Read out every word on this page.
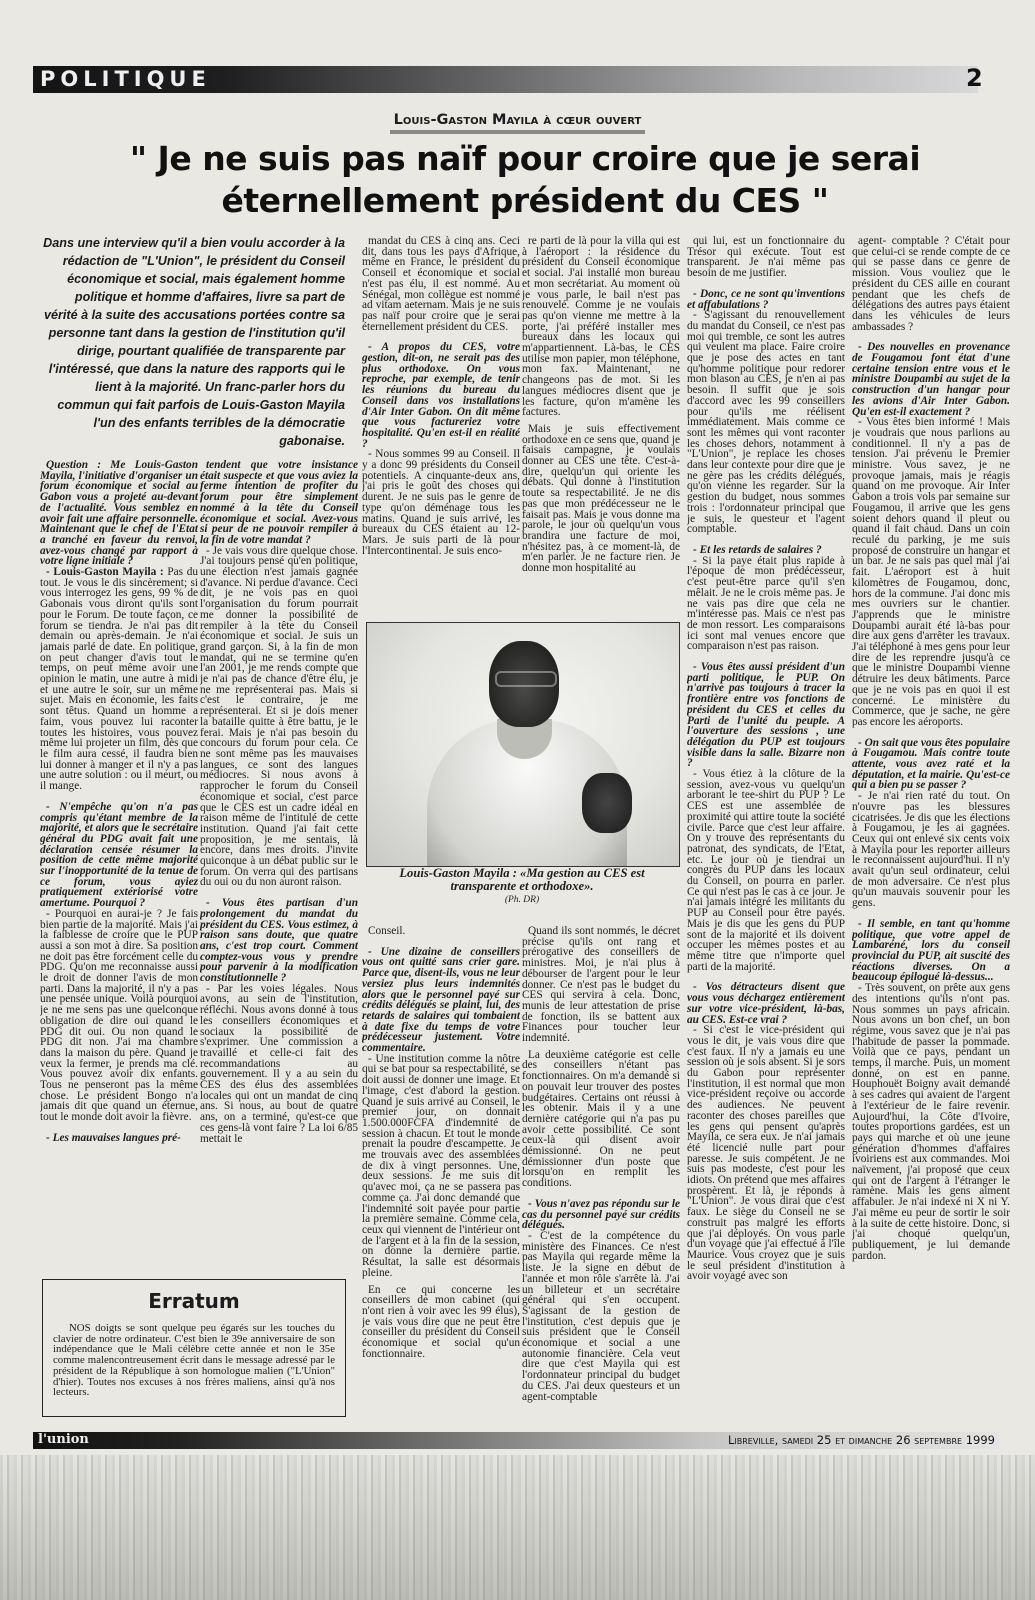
POLITIQUE	2
Louis-Gaston Mayila à cœur ouvert
" Je ne suis pas naïf pour croire que je serai éternellement président du CES "
Dans une interview qu'il a bien voulu accorder à la rédaction de "L'Union", le président du Conseil économique et social, mais également homme politique et homme d'affaires, livre sa part de vérité à la suite des accusations portées contre sa personne tant dans la gestion de l'institution qu'il dirige, pourtant qualifiée de transparente par l'intéressé, que dans la nature des rapports qui le lient à la majorité. Un franc-parler hors du commun qui fait parfois de Louis-Gaston Mayila l'un des enfants terribles de la démocratie gabonaise.

Question : Me Louis-Gaston Mayila, l'initiative d'organiser un forum économique et social au Gabon vous a projeté au-devant de l'actualité. Vous semblez en avoir fait une affaire personnelle. Maintenant que le chef de l'Etat a tranché en faveur du renvoi, avez-vous changé par rapport à votre ligne initiale ?

- Louis-Gaston Mayila : Pas du tout. Je vous le dis sincèrement; si vous interrogez les gens, 99 % de Gabonais vous diront qu'ils sont pour le Forum. De toute façon, ce forum se tiendra. Je n'ai pas dit demain ou après-demain. Je n'ai jamais parlé de date. En politique, on peut changer d'avis tout le temps, on peut même avoir une opinion le matin, une autre à midi et une autre le soir, sur un même sujet. Mais en économie, les faits sont têtus. Quand un homme a faim, vous pouvez lui raconter toutes les histoires, vous pouvez même lui projeter un film, dès que le film aura cessé, il faudra bien lui donner à manger et il n'y a pas une autre solution : ou il meurt, ou il mange.

- N'empêche qu'on n'a pas compris qu'étant membre de la majorité, et alors que le secrétaire général du PDG avait fait une déclaration censée résumer la position de cette même majorité sur l'inopportunité de la tenue de ce forum, vous ayiez pratiquement extériorisé votre amertume. Pourquoi ?

- Pourquoi en aurai-je ? Je fais bien partie de la majorité. Mais j'ai la faiblesse de croire que le PUP aussi a son mot à dire. Sa position ne doit pas être forcément celle du PDG. Qu'on me reconnaisse aussi le droit de donner l'avis de mon parti. Dans la majorité, il n'y a pas une pensée unique. Voilà pourquoi je ne me sens pas une quelconque obligation de dire oui quand le PDG dit oui. Ou non quand le PDG dit non. J'ai ma chambre dans la maison du père. Quand je veux la fermer, je prends ma clé. Vous pouvez avoir dix enfants. Tous ne penseront pas la même chose. Le président Bongo n'a jamais dit que quand un éternue, tout le monde doit avoir la fièvre.

- Les mauvaises langues pré-

tendent que votre insistance était suspecte et que vous aviez la ferme intention de profiter du forum pour être simplement nommé à la tête du Conseil économique et social. Avez-vous si peur de ne pouvoir rempiler à la fin de votre mandat ?

- Je vais vous dire quelque chose. J'ai toujours pensé qu'en politique, une élection n'est jamais gagnée d'avance. Ni perdue d'avance. Ceci dit, je ne vois pas en quoi l'organisation du forum pourrait me donner la possibilité de rempiler à la tête du Conseil économique et social. Je suis un grand garçon. Si, à la fin de mon mandat, qui ne se termine qu'en l'an 2001, je me rends compte que je n'ai pas de chance d'être élu, je ne me représenterai pas. Mais si c'est le contraire, je me représenterai. Et si je dois mener la bataille quitte à être battu, je le ferai. Mais je n'ai pas besoin du concours du forum pour cela. Ce ne sont même pas les mauvaises langues, ce sont des langues médiocres. Si nous avons à rapprocher le forum du Conseil économique et social, c'est parce que le CES est un cadre idéal en raison même de l'intitulé de cette institution. Quand j'ai fait cette proposition, je me sentais, là encore, dans mes droits. J'invite quiconque à un débat public sur le forum. On verra qui des partisans du oui ou du non auront raison.

- Vous êtes partisan d'un prolongement du mandat du président du CES. Vous estimez, à raison sans doute, que quatre ans, c'est trop court. Comment comptez-vous vous y prendre pour parvenir à la modification constitutionnelle ?

- Par les voies légales. Nous avons, au sein de l'institution, réfléchi. Nous avons donné à tous les conseillers économiques et sociaux la possibilité de s'exprimer. Une commission a travaillé et celle-ci fait des recommandations au gouvernement. Il y a au sein du CES des élus des assemblées locales qui ont un mandat de cinq ans. Si nous, au bout de quatre ans, on a terminé, qu'est-ce que ces gens-là vont faire ? La loi 6/85 mettait le

mandat du CES à cinq ans. Ceci dit, dans tous les pays d'Afrique, même en France, le président du Conseil et économique et social n'est pas élu, il est nommé. Au Sénégal, mon collègue est nommé ad vitam aeternam. Mais je ne suis pas naïf pour croire que je serai éternellement président du CES.

- A propos du CES, votre gestion, dit-on, ne serait pas des plus orthodoxe. On vous reproche, par exemple, de tenir les réunions du bureau du Conseil dans vos installations d'Air Inter Gabon. On dit même que vous factureriez votre hospitalité. Qu'en est-il en réalité ?

- Nous sommes 99 au Conseil. Il y a donc 99 présidents du Conseil potentiels. A cinquante-deux ans, j'ai pris le goût des choses qui durent. Je ne suis pas le genre de type qu'on déménage tous les matins. Quand je suis arrivé, les bureaux du CES étaient au 12-Mars. Je suis parti de là pour l'Intercontinental. Je suis enco-

re parti de là pour la villa qui est à l'aéroport : la résidence du président du Conseil économique et social. J'ai installé mon bureau et mon secrétariat. Au moment où je vous parle, le bail n'est pas renouvelé. Comme je ne voulais pas qu'on vienne me mettre à la porte, j'ai préféré installer mes bureaux dans les locaux qui m'appartiennent. Là-bas, le CES utilise mon papier, mon téléphone, mon fax. Maintenant, ne changeons pas de mot. Si les langues médiocres disent que je les facture, qu'on m'amène les factures.

Mais je suis effectivement orthodoxe en ce sens que, quand je faisais campagne, je voulais donner au CES une tête. C'est-à-dire, quelqu'un qui oriente les débats. Qui donne à l'institution toute sa respectabilité. Je ne dis pas que mon prédécesseur ne le faisait pas. Mais je vous donne ma parole, le jour où quelqu'un vous brandira une facture de moi, n'hésitez pas, à ce moment-là, de m'en parler. Je ne facture rien. Je donne mon hospitalité au

Conseil.

- Une dizaine de conseillers vous ont quitté sans crier gare. Parce que, disent-ils, vous ne leur versiez plus leurs indemnités alors que le personnel payé sur crédits délégués se plaint, lui, des retards de salaires qui tombaient à date fixe du temps de votre prédécesseur justement. Votre commentaire.

- Une institution comme la nôtre qui se bat pour sa respectabilité, se doit aussi de donner une image. Et l'image, c'est d'abord la gestion. Quand je suis arrivé au Conseil, le premier jour, on donnait 1.500.000FCFA d'indemnité de session à chacun. Et tout le monde prenait la poudre d'escampette. Je me trouvais avec des assemblées de dix à vingt personnes. Une, deux sessions. Je me suis dit qu'avec moi, ça ne se passera pas comme ça. J'ai donc demandé que l'indemnité soit payée pour partie la première semaine. Comme cela, ceux qui viennent de l'intérieur ont de l'argent et à la fin de la session, on donne la dernière partie. Résultat, la salle est désormais pleine.

En ce qui concerne les conseillers de mon cabinet (qui n'ont rien à voir avec les 99 élus), je vais vous dire que ne peut être conseiller du président du Conseil économique et social qu'un fonctionnaire.

Quand ils sont nommés, le décret précise qu'ils ont rang et prérogative des conseillers de ministres. Moi, je n'ai plus à débourser de l'argent pour le leur donner. Ce n'est pas le budget du CES qui servira à cela. Donc, munis de leur attestation de prise de fonction, ils se battent aux Finances pour toucher leur indemnité.

La deuxième catégorie est celle des conseillers n'étant pas fonctionnaires. On m'a demandé si on pouvait leur trouver des postes budgétaires. Certains ont réussi à les obtenir. Mais il y a une dernière catégorie qui n'a pas pu avoir cette possibilité. Ce sont ceux-là qui disent avoir démissionné. On ne peut démissionner d'un poste que lorsqu'on en remplit les conditions.

- Vous n'avez pas répondu sur le cas du personnel payé sur crédits délégués.

- C'est de la compétence du ministère des Finances. Ce n'est pas Mayila qui regarde même la liste. Je la signe en début de l'année et mon rôle s'arrête là. J'ai un billeteur et un secrétaire général qui s'en occupent. S'agissant de la gestion de l'institution, c'est depuis que je suis président que le Conseil économique et social a une autonomie financière. Cela veut dire que c'est Mayila qui est l'ordonnateur principal du budget du CES. J'ai deux questeurs et un agent-comptable

qui lui, est un fonctionnaire du Trésor qui exécute. Tout est transparent. Je n'ai même pas besoin de me justifier.

- Donc, ce ne sont qu'inventions et affabulations ?

- S'agissant du renouvellement du mandat du Conseil, ce n'est pas moi qui tremble, ce sont les autres qui veulent ma place. Faire croire que je pose des actes en tant qu'homme politique pour redorer mon blason au CES, je n'en ai pas besoin. Il suffit que je sois d'accord avec les 99 conseillers pour qu'ils me réélisent immédiatement. Mais comme ce sont les mêmes qui vont raconter les choses dehors, notamment à "L'Union", je replace les choses dans leur contexte pour dire que je ne gère pas les crédits délégués, qu'on vienne les regarder. Sur la gestion du budget, nous sommes trois : l'ordonnateur principal que je suis, le questeur et l'agent comptable.

- Et les retards de salaires ?

- Si la paye était plus rapide à l'époque de mon prédécesseur, c'est peut-être parce qu'il s'en mêlait. Je ne le crois même pas. Je ne vais pas dire que cela ne m'intéresse pas. Mais ce n'est pas de mon ressort. Les comparaisons ici sont mal venues encore que comparaison n'est pas raison.

- Vous êtes aussi président d'un parti politique, le PUP. On n'arrive pas toujours à tracer la frontière entre vos fonctions de président du CES et celles du Parti de l'unité du peuple. A l'ouverture des sessions , une délégation du PUP est toujours visible dans la salle. Bizarre non ?

- Vous étiez à la clôture de la session, avez-vous vu quelqu'un arborant le tee-shirt du PUP ? Le CES est une assemblée de proximité qui attire toute la société civile. Parce que c'est leur affaire. On y trouve des représentants du patronat, des syndicats, de l'Etat, etc. Le jour où je tiendrai un congrès du PUP dans les locaux du Conseil, on pourra en parler. Ce qui n'est pas le cas à ce jour. Je n'ai jamais intégré les militants du PUP au Conseil pour être payés. Mais je dis que les gens du PUP sont de la majorité et ils doivent occuper les mêmes postes et au même titre que n'importe quel parti de la majorité.

- Vos détracteurs disent que vous vous déchargez entièrement sur votre vice-président, là-bas, au CES. Est-ce vrai ?

- Si c'est le vice-président qui vous le dit, je vais vous dire que c'est faux. Il n'y a jamais eu une session où je sois absent. Si je sors du Gabon pour représenter l'institution, il est normal que mon vice-président reçoive ou accorde des audiences. Ne peuvent raconter des choses pareilles que les gens qui pensent qu'après Mayila, ce sera eux. Je n'ai jamais été licencié nulle part pour paresse. Je suis compétent. Je ne suis pas modeste, c'est pour les idiots. On prétend que mes affaires prospèrent. Et là, je réponds à "L'Union". Je vous dirai que c'est faux. Le siège du Conseil ne se construit pas malgré les efforts que j'ai déployés. On vous parle d'un voyage que j'ai effectué à l'île Maurice. Vous croyez que je suis le seul président d'institution à avoir voyagé avec son

agent- comptable ? C'était pour que celui-ci se rende compte de ce qui se passe dans ce genre de mission. Vous vouliez que le président du CES aille en courant pendant que les chefs de délégations des autres pays étaient dans les véhicules de leurs ambassades ?

- Des nouvelles en provenance de Fougamou font état d'une certaine tension entre vous et le ministre Doupambi au sujet de la construction d'un hangar pour les avions d'Air Inter Gabon. Qu'en est-il exactement ?

- Vous êtes bien informé ! Mais je voudrais que nous parlions au conditionnel. Il n'y a pas de tension. J'ai prévenu le Premier ministre. Vous savez, je ne provoque jamais, mais je réagis quand on me provoque. Air Inter Gabon a trois vols par semaine sur Fougamou, il arrive que les gens soient dehors quand il pleut ou quand il fait chaud. Dans un coin reculé du parking, je me suis proposé de construire un hangar et un bar. Je ne sais pas quel mal j'ai fait. L'aéroport est à huit kilomètres de Fougamou, donc, hors de la commune. J'ai donc mis mes ouvriers sur le chantier. J'apprends que le ministre Doupambi aurait été là-bas pour dire aux gens d'arrêter les travaux. J'ai téléphoné à mes gens pour leur dire de les reprendre jusqu'à ce que le ministre Doupambi vienne détruire les deux bâtiments. Parce que je ne vois pas en quoi il est concerné. Le ministère du Commerce, que je sache, ne gère pas encore les aéroports.

- On sait que vous êtes populaire à Fougamou. Mais contre toute attente, vous avez raté et la députation, et la mairie. Qu'est-ce qui a bien pu se passer ?

- Je n'ai rien raté du tout. On n'ouvre pas les blessures cicatrisées. Je dis que les élections à Fougamou, je les ai gagnées. Ceux qui ont enlevé six cents voix à Mayila pour les reporter ailleurs le reconnaissent aujourd'hui. Il n'y avait qu'un seul ordinateur, celui de mon adversaire. Ce n'est plus qu'un mauvais souvenir pour les gens.

- Il semble, en tant qu'homme politique, que votre appel de Lambaréné, lors du conseil provincial du PUP, ait suscité des réactions diverses. On a beaucoup épilogué là-dessus...

- Très souvent, on prête aux gens des intentions qu'ils n'ont pas. Nous sommes un pays africain. Nous avons un bon chef, un bon régime, vous savez que je n'ai pas l'habitude de passer la pommade. Voilà que ce pays, pendant un temps, il marche. Puis, un moment donné, on est en panne. Houphouët Boigny avait demandé à ses cadres qui avaient de l'argent à l'extérieur de le faire revenir. Aujourd'hui, la Côte d'Ivoire, toutes proportions gardées, est un pays qui marche et où une jeune génération d'hommes d'affaires ivoiriens est aux commandes. Moi naïvement, j'ai proposé que ceux qui ont de l'argent à l'étranger le ramène. Mais les gens aiment affabuler. Je n'ai indexé ni X ni Y. J'ai même eu peur de sortir le soir à la suite de cette histoire. Donc, si j'ai choqué quelqu'un, publiquement, je lui demande pardon.

Louis-Gaston Mayila : «Ma gestion au CES est transparente et orthodoxe».
(Ph. DR)
Erratum
NOS doigts se sont quelque peu égarés sur les touches du clavier de notre ordinateur. C'est bien le 39e anniversaire de son indépendance que le Mali célèbre cette année et non le 35e comme malencontreusement écrit dans le message adressé par le président de la République à son homologue malien ("L'Union" d'hier). Toutes nos excuses à nos frères maliens, ainsi qu'à nos lecteurs.
l'union	Libreville, samedi 25 et dimanche 26 septembre 1999
